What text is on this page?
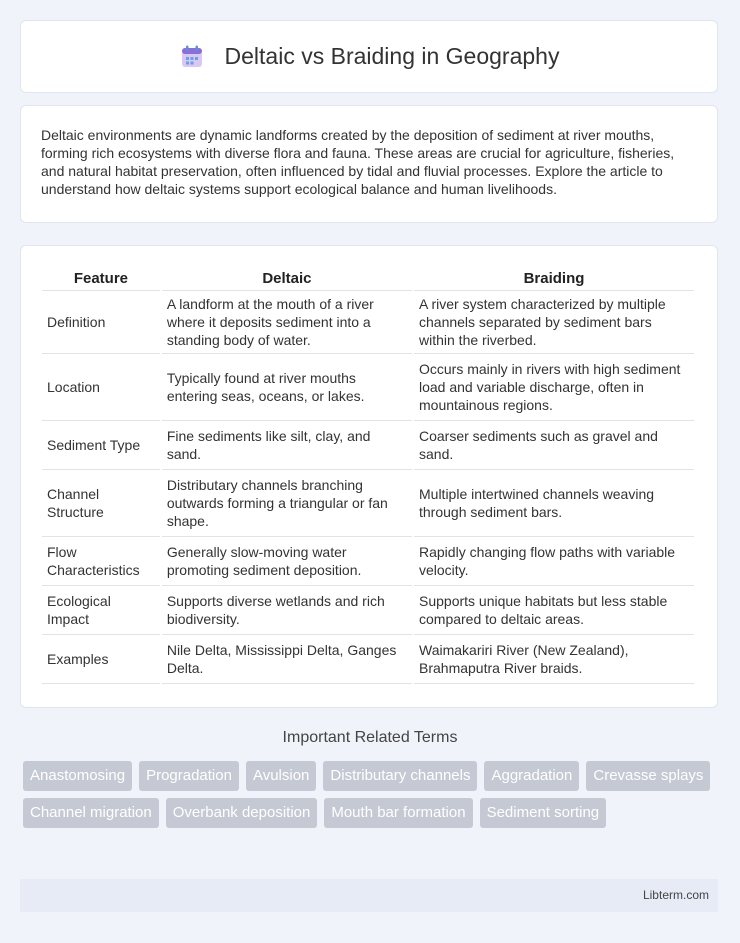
Deltaic vs Braiding in Geography

Deltaic environments are dynamic landforms created by the deposition of sediment at river mouths, forming rich ecosystems with diverse flora and fauna. These areas are crucial for agriculture, fisheries, and natural habitat preservation, often influenced by tidal and fluvial processes. Explore the article to understand how deltaic systems support ecological balance and human livelihoods.

Feature	Deltaic	Braiding
Definition	A landform at the mouth of a river where it deposits sediment into a standing body of water.	A river system characterized by multiple channels separated by sediment bars within the riverbed.
Location	Typically found at river mouths entering seas, oceans, or lakes.	Occurs mainly in rivers with high sediment load and variable discharge, often in mountainous regions.
Sediment Type	Fine sediments like silt, clay, and sand.	Coarser sediments such as gravel and sand.
Channel Structure	Distributary channels branching outwards forming a triangular or fan shape.	Multiple intertwined channels weaving through sediment bars.
Flow Characteristics	Generally slow-moving water promoting sediment deposition.	Rapidly changing flow paths with variable velocity.
Ecological Impact	Supports diverse wetlands and rich biodiversity.	Supports unique habitats but less stable compared to deltaic areas.
Examples	Nile Delta, Mississippi Delta, Ganges Delta.	Waimakariri River (New Zealand), Brahmaputra River braids.
Important Related Terms
Anastomosing	Progradation	Avulsion	Distributary channels	Aggradation	Crevasse splays
Channel migration	Overbank deposition	Mouth bar formation	Sediment sorting
Libterm.com
